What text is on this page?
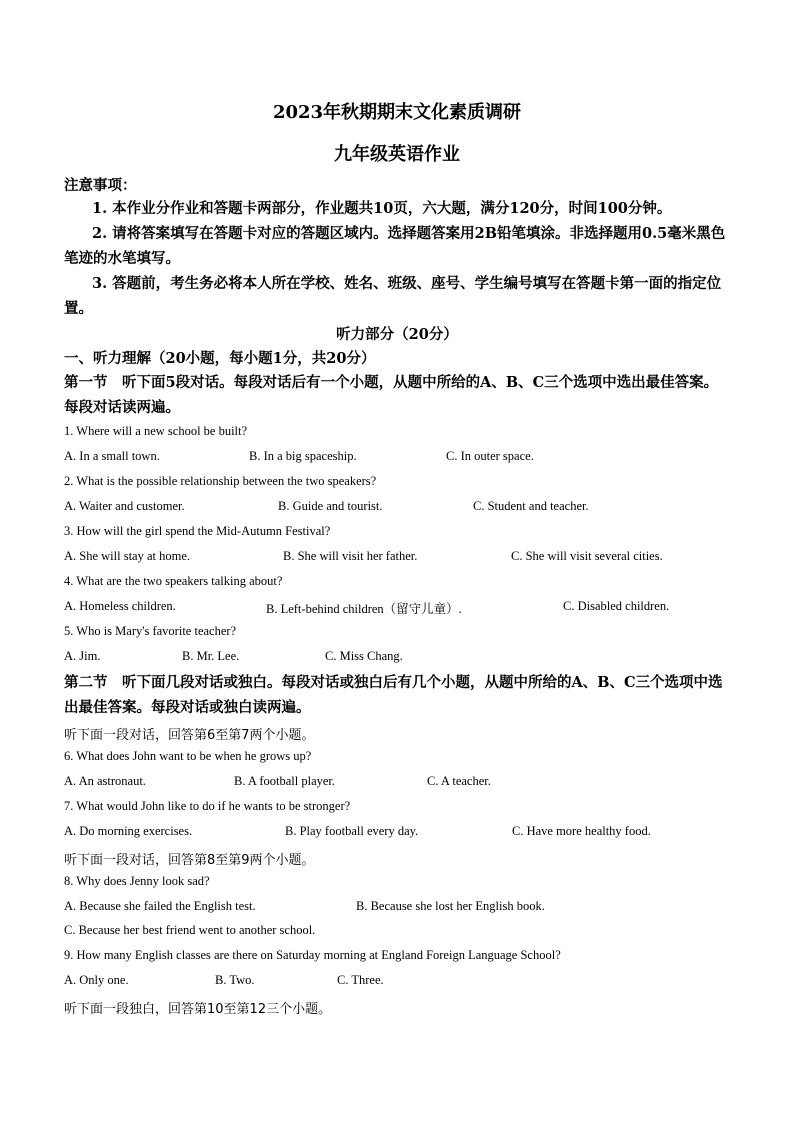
2023年秋期期末文化素质调研
九年级英语作业
注意事项：

1. 本作业分作业和答题卡两部分，作业题共10页，六大题，满分120分，时间100分钟。

2. 请将答案填写在答题卡对应的答题区域内。选择题答案用2B铅笔填涂。非选择题用0.5毫米黑色笔迹的水笔填写。

3. 答题前，考生务必将本人所在学校、姓名、班级、座号、学生编号填写在答题卡第一面的指定位置。

听力部分（20分）
一、听力理解（20小题，每小题1分，共20分）

第一节　听下面5段对话。每段对话后有一个小题，从题中所给的A、B、C三个选项中选出最佳答案。每段对话读两遍。

1. Where will a new school be built?
A. In a small town.	B. In a big spaceship.	C. In outer space.
2. What is the possible relationship between the two speakers?
A. Waiter and customer.	B. Guide and tourist.	C. Student and teacher.
3. How will the girl spend the Mid-Autumn Festival?
A. She will stay at home.	B. She will visit her father.	C. She will visit several cities.
4. What are the two speakers talking about?
A. Homeless children.	B. Left-behind children（留守儿童）.	C. Disabled children.
5. Who is Mary's favorite teacher?
A. Jim.	B. Mr. Lee.	C. Miss Chang.

第二节　听下面几段对话或独白。每段对话或独白后有几个小题，从题中所给的A、B、C三个选项中选出最佳答案。每段对话或独白读两遍。

听下面一段对话，回答第6至第7两个小题。
6. What does John want to be when he grows up?
A. An astronaut.	B. A football player.	C. A teacher.
7. What would John like to do if he wants to be stronger?
A. Do morning exercises.	B. Play football every day.	C. Have more healthy food.
听下面一段对话，回答第8至第9两个小题。
8. Why does Jenny look sad?
A. Because she failed the English test.	B. Because she lost her English book.
C. Because her best friend went to another school.
9. How many English classes are there on Saturday morning at England Foreign Language School?
A. Only one.	B. Two.	C. Three.
听下面一段独白，回答第10至第12三个小题。
